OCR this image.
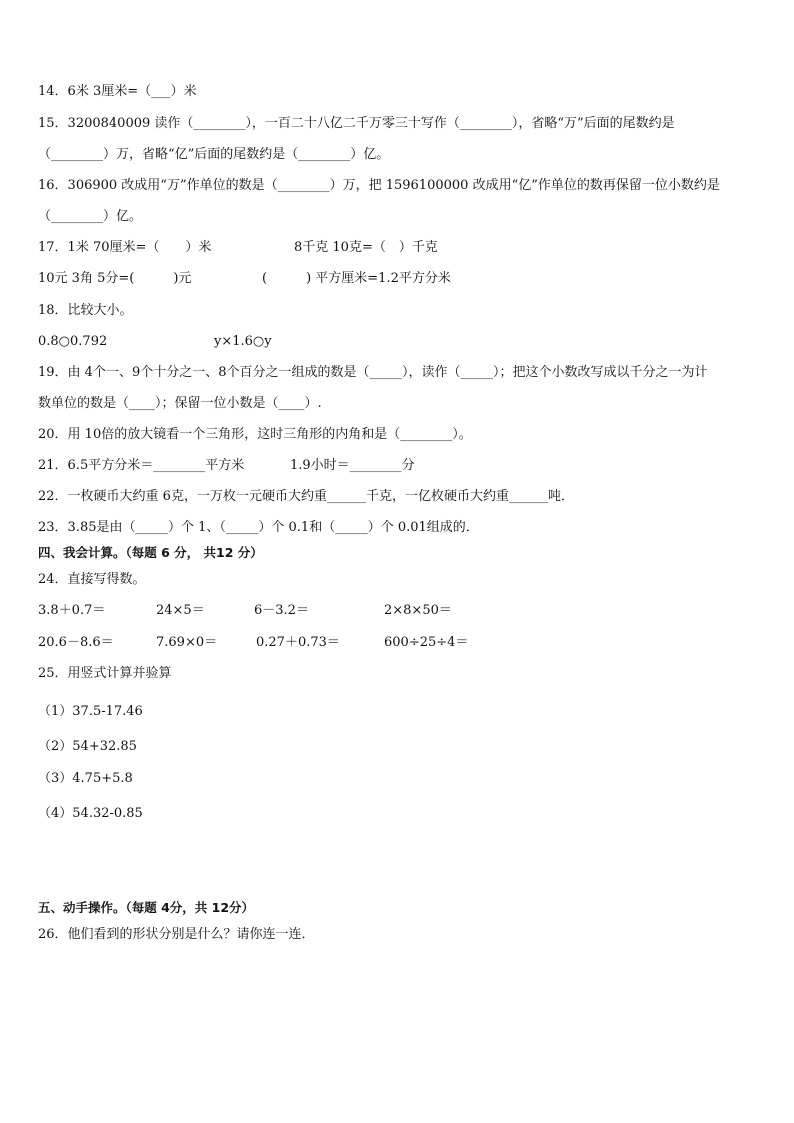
14．6米 3厘米=（___）米
15．3200840009 读作（________），一百二十八亿二千万零三十写作（________），省略“万”后面的尾数约是
（________）万，省略“亿”后面的尾数约是（________）亿。
16．306900 改成用“万”作单位的数是（________）万，把 1596100000 改成用“亿”作单位的数再保留一位小数约是
（________）亿。
17．1米 70厘米=（　　）米	8千克 10克=（　）千克
10元 3角 5分=(　　　)元	(　　　) 平方厘米=1.2平方分米
18．比较大小。
0.8○0.792	y×1.6○y
19．由 4个一、9个十分之一、8个百分之一组成的数是（_____），读作（_____）；把这个小数改写成以千分之一为计
数单位的数是（____）；保留一位小数是（____）.
20．用 10倍的放大镜看一个三角形，这时三角形的内角和是（________）。
21．6.5平方分米＝________平方米	1.9小时＝________分
22．一枚硬币大约重 6克，一万枚一元硬币大约重______千克，一亿枚硬币大约重______吨．
23．3.85是由（_____）个 1、（_____）个 0.1和（_____）个 0.01组成的．
四、我会计算。（每题 6 分， 共12 分）
24．直接写得数。
3.8＋0.7＝	24×5＝	6－3.2＝	2×8×50＝
20.6－8.6＝	7.69×0＝	0.27＋0.73＝	600÷25÷4＝
25．用竖式计算并验算
（1）37.5-17.46
（2）54+32.85
（3）4.75+5.8
（4）54.32-0.85
五、动手操作。（每题 4分，共 12分）
26．他们看到的形状分别是什么？请你连一连．
